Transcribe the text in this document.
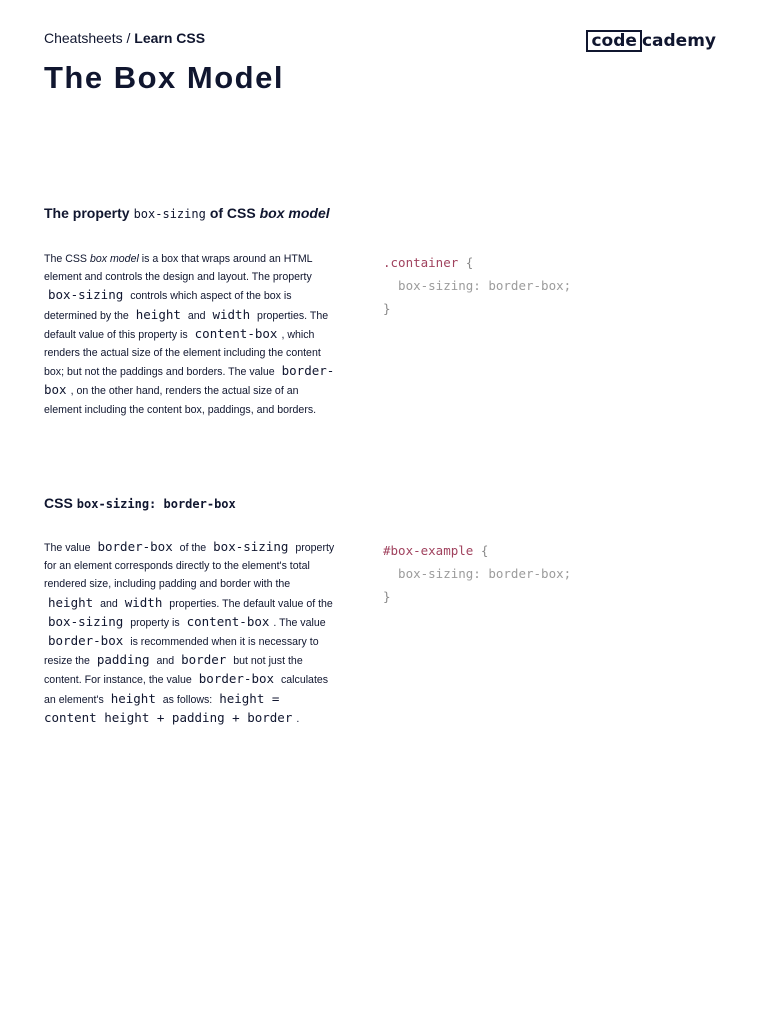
Cheatsheets / Learn CSS	code cademy
The Box Model
The property box-sizing of CSS box model
The CSS box model is a box that wraps around an HTML element and controls the design and layout. The property box-sizing controls which aspect of the box is determined by the height and width properties. The default value of this property is content-box , which renders the actual size of the element including the content box; but not the paddings and borders. The value border-box , on the other hand, renders the actual size of an element including the content box, paddings, and borders.
.container {
box-sizing: border-box;
}
CSS box-sizing: border-box
The value border-box of the box-sizing property for an element corresponds directly to the element's total rendered size, including padding and border with the height and width properties. The default value of the box-sizing property is content-box . The value border-box is recommended when it is necessary to resize the padding and border but not just the content. For instance, the value border-box calculates an element's height as follows: height = content height + padding + border .
#box-example {
box-sizing: border-box;
}
